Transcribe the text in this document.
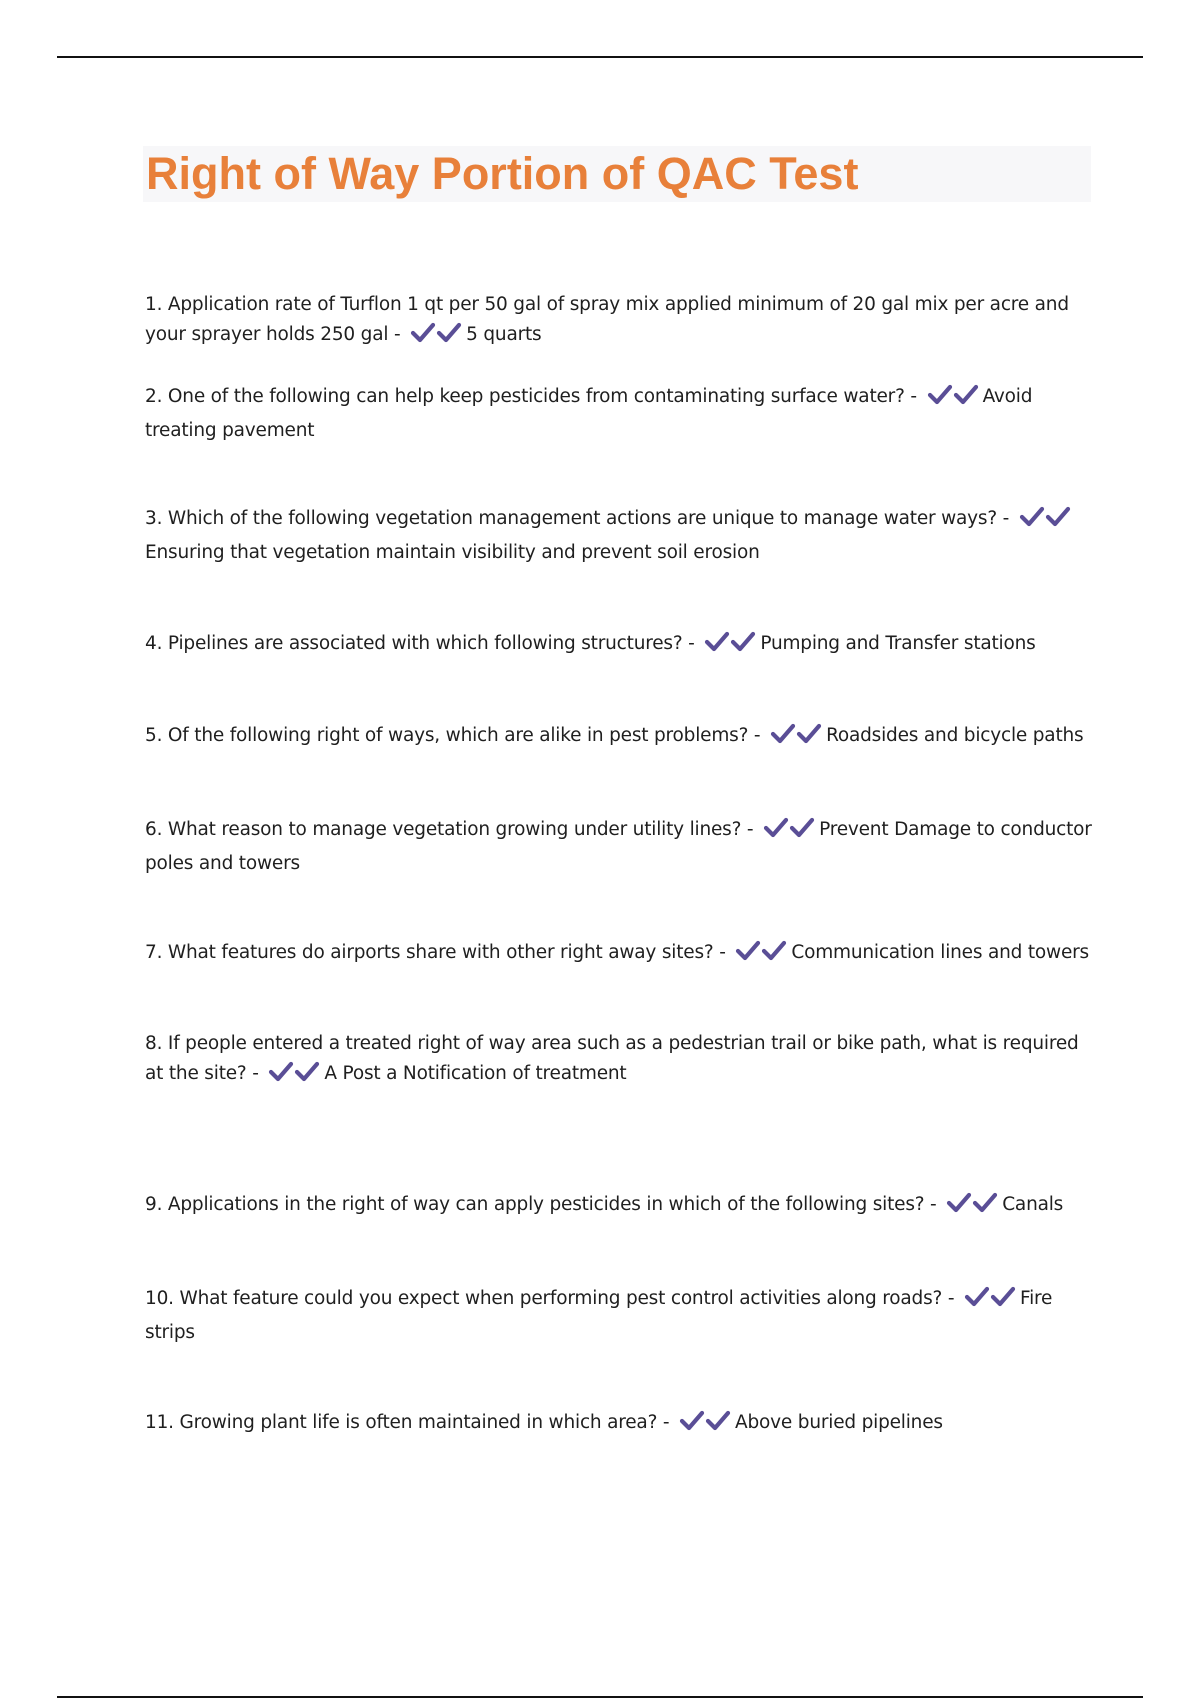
Right of Way Portion of QAC Test
1. Application rate of Turflon 1 qt per 50 gal of spray mix applied minimum of 20 gal mix per acre and your sprayer holds 250 gal -	5 quarts
2. One of the following can help keep pesticides from contaminating surface water? -	Avoid treating pavement
3. Which of the following vegetation management actions are unique to manage water ways? -
Ensuring that vegetation maintain visibility and prevent soil erosion
4. Pipelines are associated with which following structures? -	Pumping and Transfer stations
5. Of the following right of ways, which are alike in pest problems? -	Roadsides and bicycle paths
6. What reason to manage vegetation growing under utility lines? -	Prevent Damage to conductor poles and towers
7. What features do airports share with other right away sites? -	Communication lines and towers
8. If people entered a treated right of way area such as a pedestrian trail or bike path, what is required at the site? -	A Post a Notification of treatment
9. Applications in the right of way can apply pesticides in which of the following sites? -	Canals
10. What feature could you expect when performing pest control activities along roads? -	Fire strips
11. Growing plant life is often maintained in which area? -	Above buried pipelines
